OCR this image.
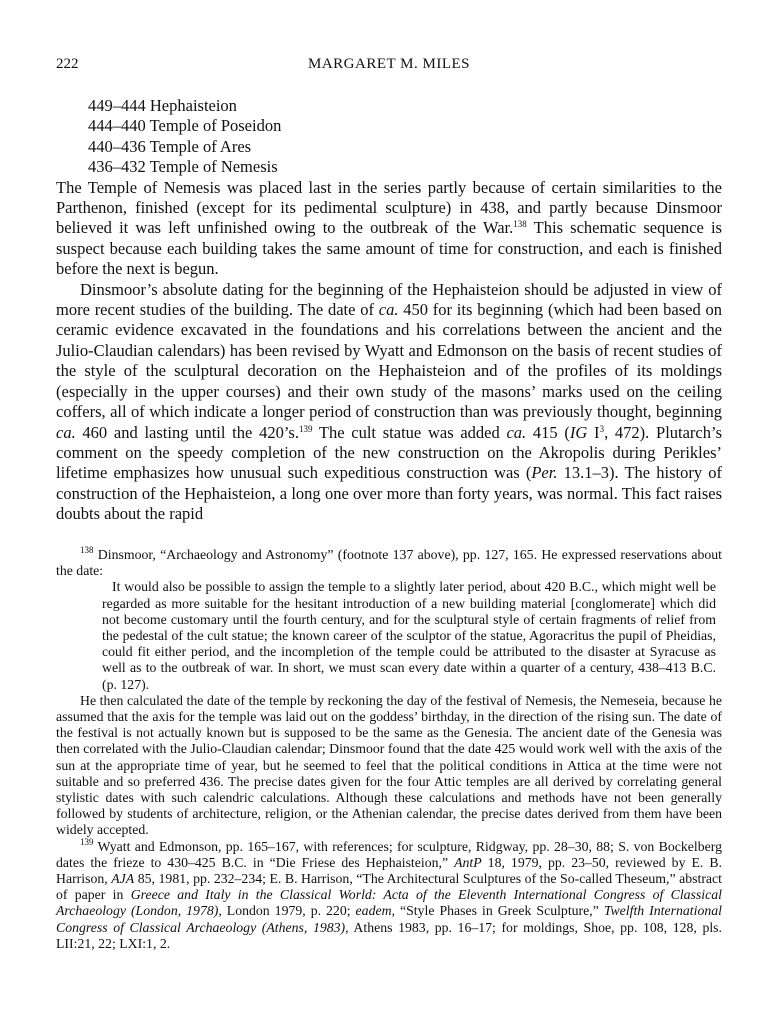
222	MARGARET M. MILES
449–444 Hephaisteion
444–440 Temple of Poseidon
440–436 Temple of Ares
436–432 Temple of Nemesis

The Temple of Nemesis was placed last in the series partly because of certain similarities to the Parthenon, finished (except for its pedimental sculpture) in 438, and partly because Dinsmoor believed it was left unfinished owing to the outbreak of the War.$^{138}$ This schematic sequence is suspect because each building takes the same amount of time for construction, and each is finished before the next is begun.

Dinsmoor’s absolute dating for the beginning of the Hephaisteion should be adjusted in view of more recent studies of the building. The date of ca. 450 for its beginning (which had been based on ceramic evidence excavated in the foundations and his correlations between the ancient and the Julio-Claudian calendars) has been revised by Wyatt and Edmonson on the basis of recent studies of the style of the sculptural decoration on the Hephaisteion and of the profiles of its moldings (especially in the upper courses) and their own study of the masons’ marks used on the ceiling coffers, all of which indicate a longer period of construction than was previously thought, beginning ca. 460 and lasting until the 420’s.$^{139}$ The cult statue was added ca. 415 (IG $I^3$, 472). Plutarch’s comment on the speedy completion of the new construction on the Akropolis during Perikles’ lifetime emphasizes how unusual such expeditious construction was (Per. 13.1–3). The history of construction of the Hephaisteion, a long one over more than forty years, was normal. This fact raises doubts about the rapid

$^{138}$ Dinsmoor, “Archaeology and Astronomy” (footnote 137 above), pp. 127, 165. He expressed reservations about the date:

It would also be possible to assign the temple to a slightly later period, about 420 B.C., which might well be regarded as more suitable for the hesitant introduction of a new building material [conglomerate] which did not become customary until the fourth century, and for the sculptural style of certain fragments of relief from the pedestal of the cult statue; the known career of the sculptor of the statue, Agoracritus the pupil of Pheidias, could fit either period, and the incompletion of the temple could be attributed to the disaster at Syracuse as well as to the outbreak of war. In short, we must scan every date within a quarter of a century, 438–413 B.C. (p. 127).

He then calculated the date of the temple by reckoning the day of the festival of Nemesis, the Nemeseia, because he assumed that the axis for the temple was laid out on the goddess’ birthday, in the direction of the rising sun. The date of the festival is not actually known but is supposed to be the same as the Genesia. The ancient date of the Genesia was then correlated with the Julio-Claudian calendar; Dinsmoor found that the date 425 would work well with the axis of the sun at the appropriate time of year, but he seemed to feel that the political conditions in Attica at the time were not suitable and so preferred 436. The precise dates given for the four Attic temples are all derived by correlating general stylistic dates with such calendric calculations. Although these calculations and methods have not been generally followed by students of architecture, religion, or the Athenian calendar, the precise dates derived from them have been widely accepted.

$^{139}$ Wyatt and Edmonson, pp. 165–167, with references; for sculpture, Ridgway, pp. 28–30, 88; S. von Bockelberg dates the frieze to 430–425 B.C. in “Die Friese des Hephaisteion,” AntP 18, 1979, pp. 23–50, reviewed by E. B. Harrison, AJA 85, 1981, pp. 232–234; E. B. Harrison, “The Architectural Sculptures of the So-called Theseum,” abstract of paper in Greece and Italy in the Classical World: Acta of the Eleventh International Congress of Classical Archaeology (London, 1978), London 1979, p. 220; eadem, “Style Phases in Greek Sculpture,” Twelfth International Congress of Classical Archaeology (Athens, 1983), Athens 1983, pp. 16–17; for moldings, Shoe, pp. 108, 128, pls. LII:21, 22; LXI:1, 2.
